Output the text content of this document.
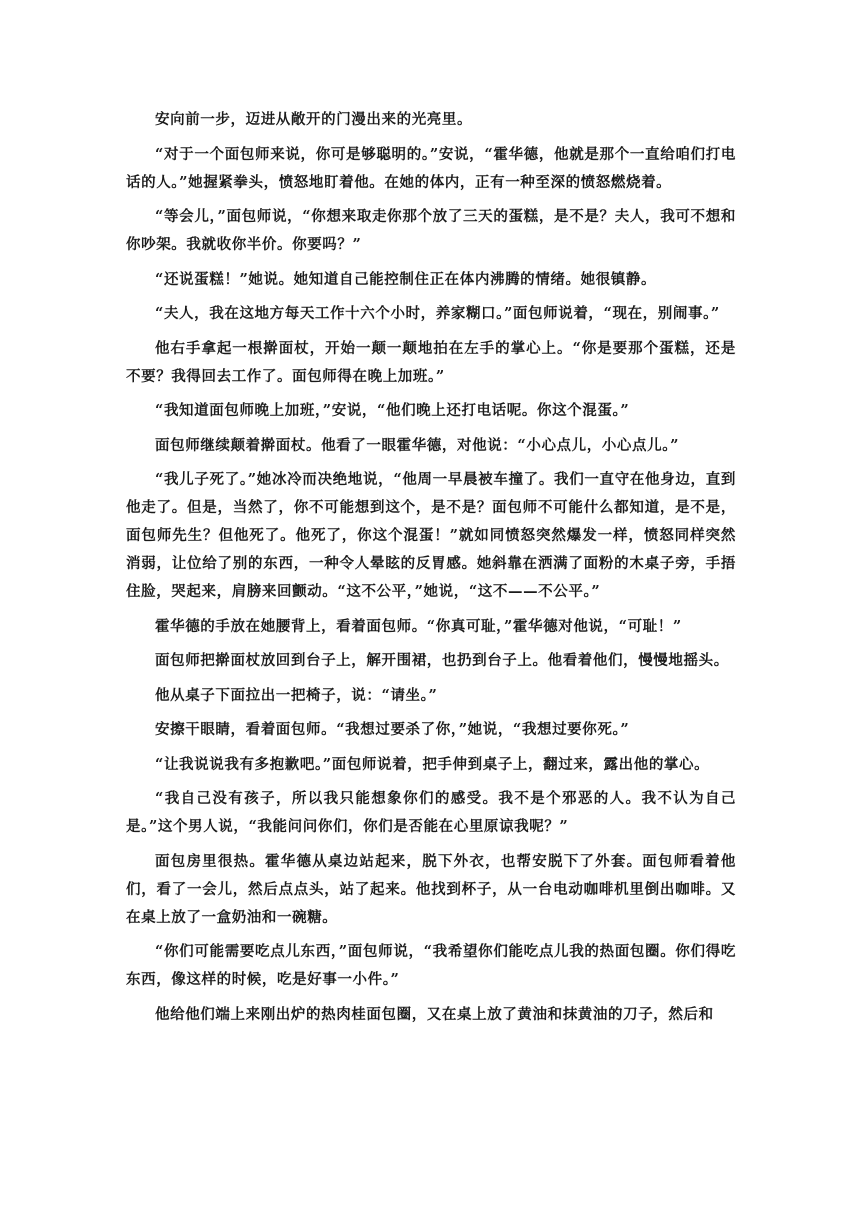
安向前一步，迈进从敞开的门漫出来的光亮里。

“对于一个面包师来说，你可是够聪明的。”安说，“霍华德，他就是那个一直给咱们打电话的人。”她握紧拳头，愤怒地盯着他。在她的体内，正有一种至深的愤怒燃烧着。

“等会儿，”面包师说，“你想来取走你那个放了三天的蛋糕，是不是？夫人，我可不想和你吵架。我就收你半价。你要吗？”

“还说蛋糕！”她说。她知道自己能控制住正在体内沸腾的情绪。她很镇静。

“夫人，我在这地方每天工作十六个小时，养家糊口。”面包师说着，“现在，别闹事。”

他右手拿起一根擀面杖，开始一颠一颠地拍在左手的掌心上。“你是要那个蛋糕，还是不要？我得回去工作了。面包师得在晚上加班。”

“我知道面包师晚上加班，”安说，“他们晚上还打电话呢。你这个混蛋。”

面包师继续颠着擀面杖。他看了一眼霍华德，对他说：“小心点儿，小心点儿。”

“我儿子死了。”她冰冷而决绝地说，“他周一早晨被车撞了。我们一直守在他身边，直到他走了。但是，当然了，你不可能想到这个，是不是？面包师不可能什么都知道，是不是，面包师先生？但他死了。他死了，你这个混蛋！”就如同愤怒突然爆发一样，愤怒同样突然消弱，让位给了别的东西，一种令人晕眩的反胃感。她斜靠在洒满了面粉的木桌子旁，手捂住脸，哭起来，肩膀来回颤动。“这不公平，”她说，“这不——不公平。”

霍华德的手放在她腰背上，看着面包师。“你真可耻，”霍华德对他说，“可耻！”

面包师把擀面杖放回到台子上，解开围裙，也扔到台子上。他看着他们，慢慢地摇头。

他从桌子下面拉出一把椅子，说：“请坐。”

安擦干眼睛，看着面包师。“我想过要杀了你，”她说，“我想过要你死。”

“让我说说我有多抱歉吧。”面包师说着，把手伸到桌子上，翻过来，露出他的掌心。

“我自己没有孩子，所以我只能想象你们的感受。我不是个邪恶的人。我不认为自己是。”这个男人说，“我能问问你们，你们是否能在心里原谅我呢？”

面包房里很热。霍华德从桌边站起来，脱下外衣，也帮安脱下了外套。面包师看着他们，看了一会儿，然后点点头，站了起来。他找到杯子，从一台电动咖啡机里倒出咖啡。又在桌上放了一盒奶油和一碗糖。

“你们可能需要吃点儿东西，”面包师说，“我希望你们能吃点儿我的热面包圈。你们得吃东西，像这样的时候，吃是好事一小件。”

他给他们端上来刚出炉的热肉桂面包圈，又在桌上放了黄油和抹黄油的刀子，然后和
